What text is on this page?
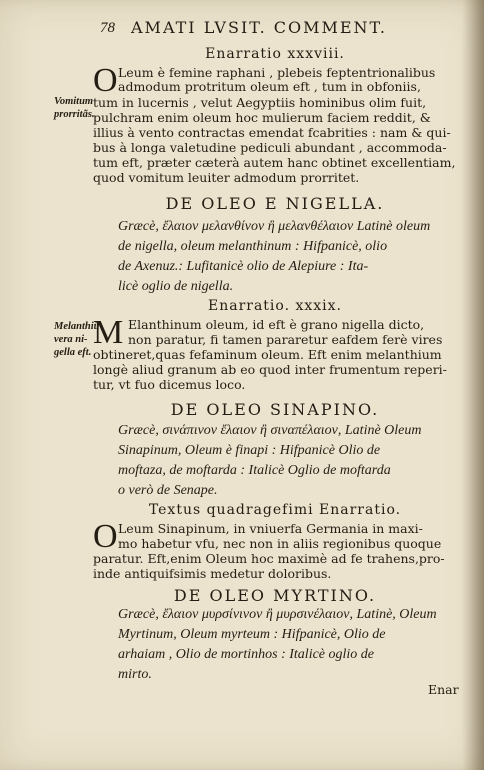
78 AMATI LVSIT. COMMENT.
Enarratio xxxviii.
Vomitum
prorritãs.
O Leum è femine raphani , plebeis feptentrionalibus
admodum protritum oleum eft , tum in obfoniis,
tum in lucernis , velut Aegyptiis hominibus olim fuit,
pulchram enim oleum hoc mulierum faciem reddit, &
illius à vento contractas emendat fcabrities : nam & qui-
bus à longa valetudine pediculi abundant , accommoda-
tum eft, præter cæterà autem hanc obtinet excellentiam,
quod vomitum leuiter admodum prorritet.
DE OLEO E NIGELLA.
Græcè, ἔλαιον μελανθίνον ἢ μελανθέλαιον Latinè oleum
de nigella, oleum melanthinum : Hifpanicè, olio
de Axenuz.: Lufitanicè olio de Alepiure : Ita-
licè oglio de nigella.
Enarratio. xxxix.
Melanthiũ
vera ni-
gella eft.
M Elanthinum oleum, id eft è grano nigella dicto,
non paratur, fi tamen pararetur eafdem ferè vires
obtineret,quas fefaminum oleum. Eft enim melanthium
longè aliud granum ab eo quod inter frumentum reperi-
tur, vt fuo dicemus loco.
DE OLEO SINAPINO.
Græcè, σινάπινον ἔλαιον ἢ σιναπέλαιον, Latinè Oleum
Sinapinum, Oleum è finapi : Hifpanicè Olio de
moftaza, de moftarda : Italicè Oglio de moftarda
o verò de Senape.
Textus quadragefimi Enarratio.
O Leum Sinapinum, in vniuerfa Germania in maxi-
mo habetur vfu, nec non in aliis regionibus quoque
paratur. Eft,enim Oleum hoc maximè ad fe trahens,pro-
inde antiquifsimis medetur doloribus.
DE OLEO MYRTINO.
Græcè, ἔλαιον μυρσίνινον ἢ μυρσινέλαιον, Latinè, Oleum
Myrtinum, Oleum myrteum : Hifpanicè, Olio de
arhaiam , Olio de mortinhos : Italicè oglio de
mirto.
Enar
